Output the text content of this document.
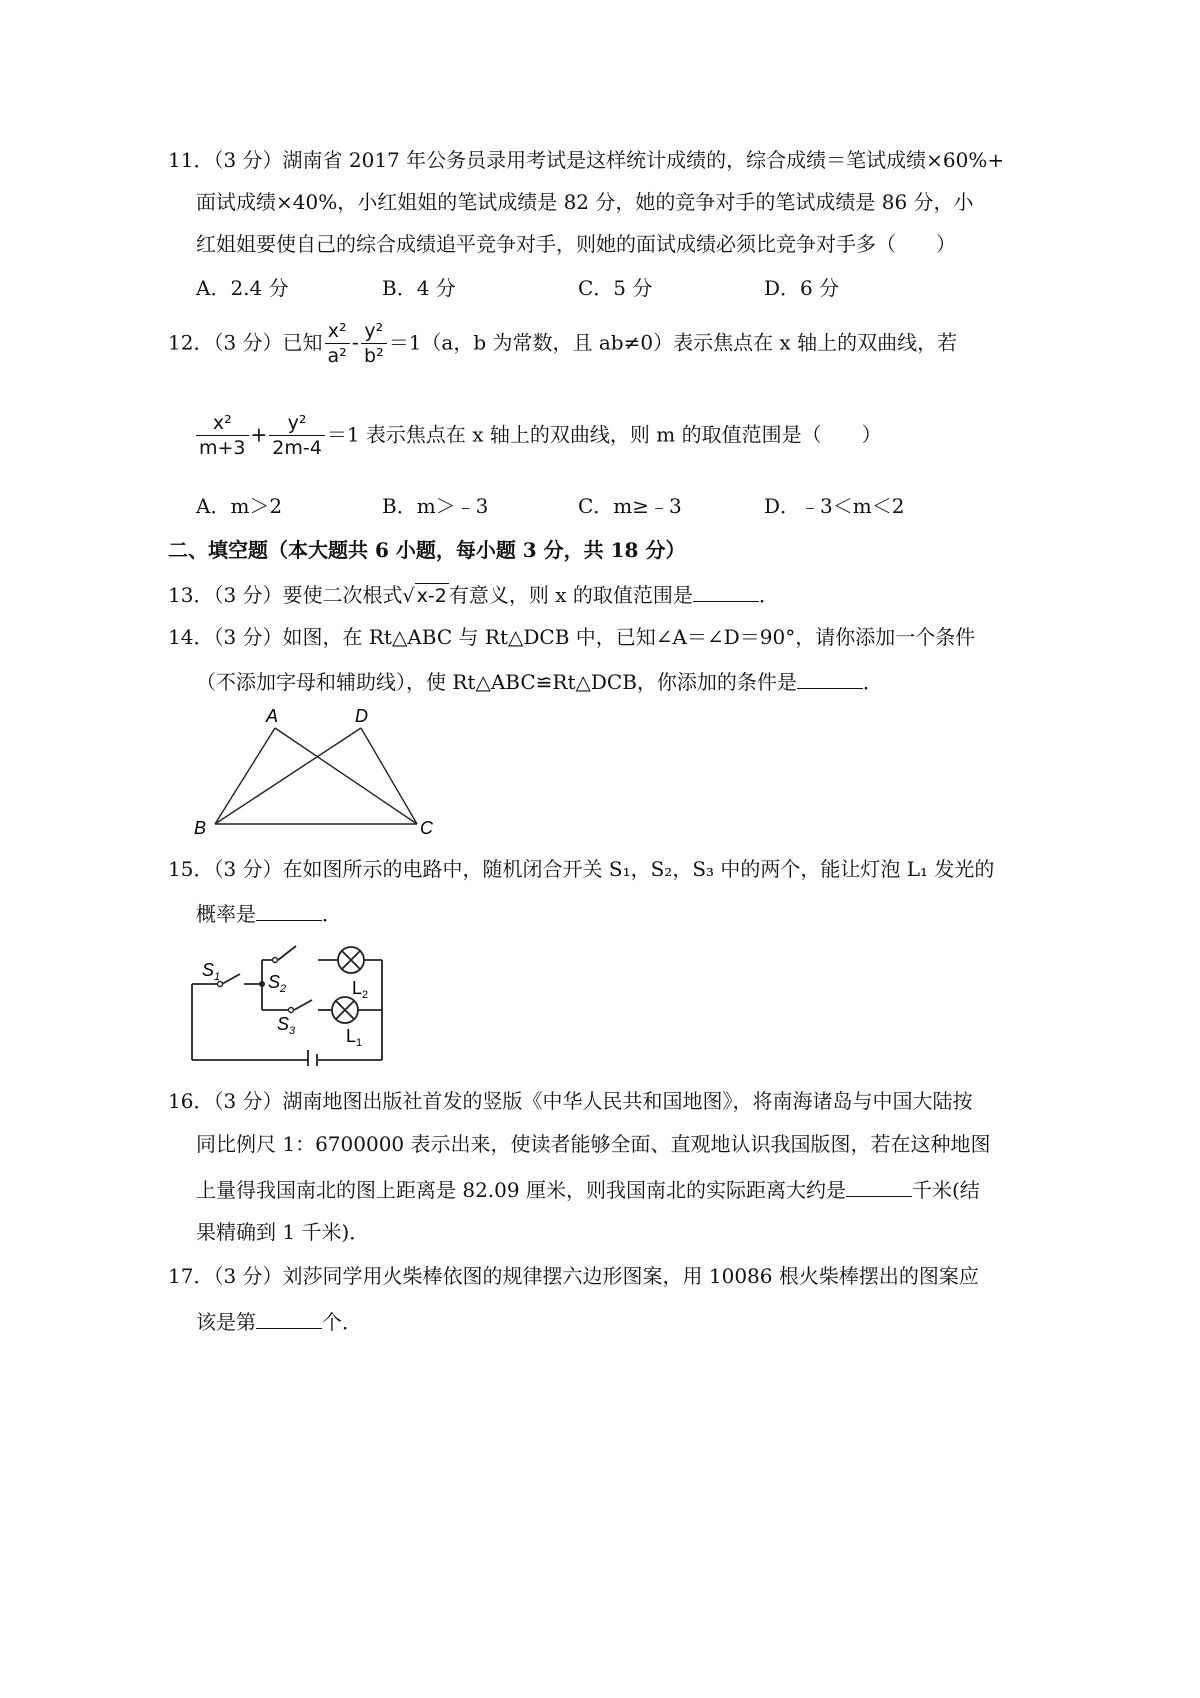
11．（3 分）湖南省 2017 年公务员录用考试是这样统计成绩的，综合成绩＝笔试成绩×60%+
面试成绩×40%，小红姐姐的笔试成绩是 82 分，她的竞争对手的笔试成绩是 86 分，小
红姐姐要使自己的综合成绩追平竞争对手，则她的面试成绩必须比竞争对手多（　　）
A．2.4 分	B．4 分	C．5 分	D．6 分
12．（3 分）已知 $\frac{\text{x²}}{\text{a²}} - \frac{\text{y²}}{\text{b²}} =1(a$，b 为常数，且 ab≠0）表示焦点在 x 轴上的双曲线，若
$\frac{\text{x²}}{m+3} + \frac{\text{y²}}{2m-4} =1$ 表示焦点在 x 轴上的双曲线，则 m 的取值范围是（　　）
A．m＞2	B．m＞﹣3	C．m≥﹣3	D．﹣3＜m＜2
二、填空题（本大题共 6 小题，每小题 3 分，共 18 分）
13．（3 分）要使二次根式√ x-2 有意义，则 x 的取值范围是	．
14．（3 分）如图，在 Rt△ABC 与 Rt△DCB 中，已知∠A＝∠D＝90°，请你添加一个条件
（不添加字母和辅助线），使 Rt△ABC≌Rt△DCB，你添加的条件是	．
A	D
B	C
15．（3 分）在如图所示的电路中，随机闭合开关 S₁，S₂，S₃ 中的两个，能让灯泡 L₁ 发光的
概率是	．
$S_1$	$S_2$
$S_3$
$L_2$
$L_1$
16．（3 分）湖南地图出版社首发的竖版《中华人民共和国地图》，将南海诸岛与中国大陆按
同比例尺 1：6700000 表示出来，使读者能够全面、直观地认识我国版图，若在这种地图
上量得我国南北的图上距离是 82.09 厘米，则我国南北的实际距离大约是	千米(结
果精确到 1 千米)．
17．（3 分）刘莎同学用火柴棒依图的规律摆六边形图案，用 10086 根火柴棒摆出的图案应
该是第	个．
